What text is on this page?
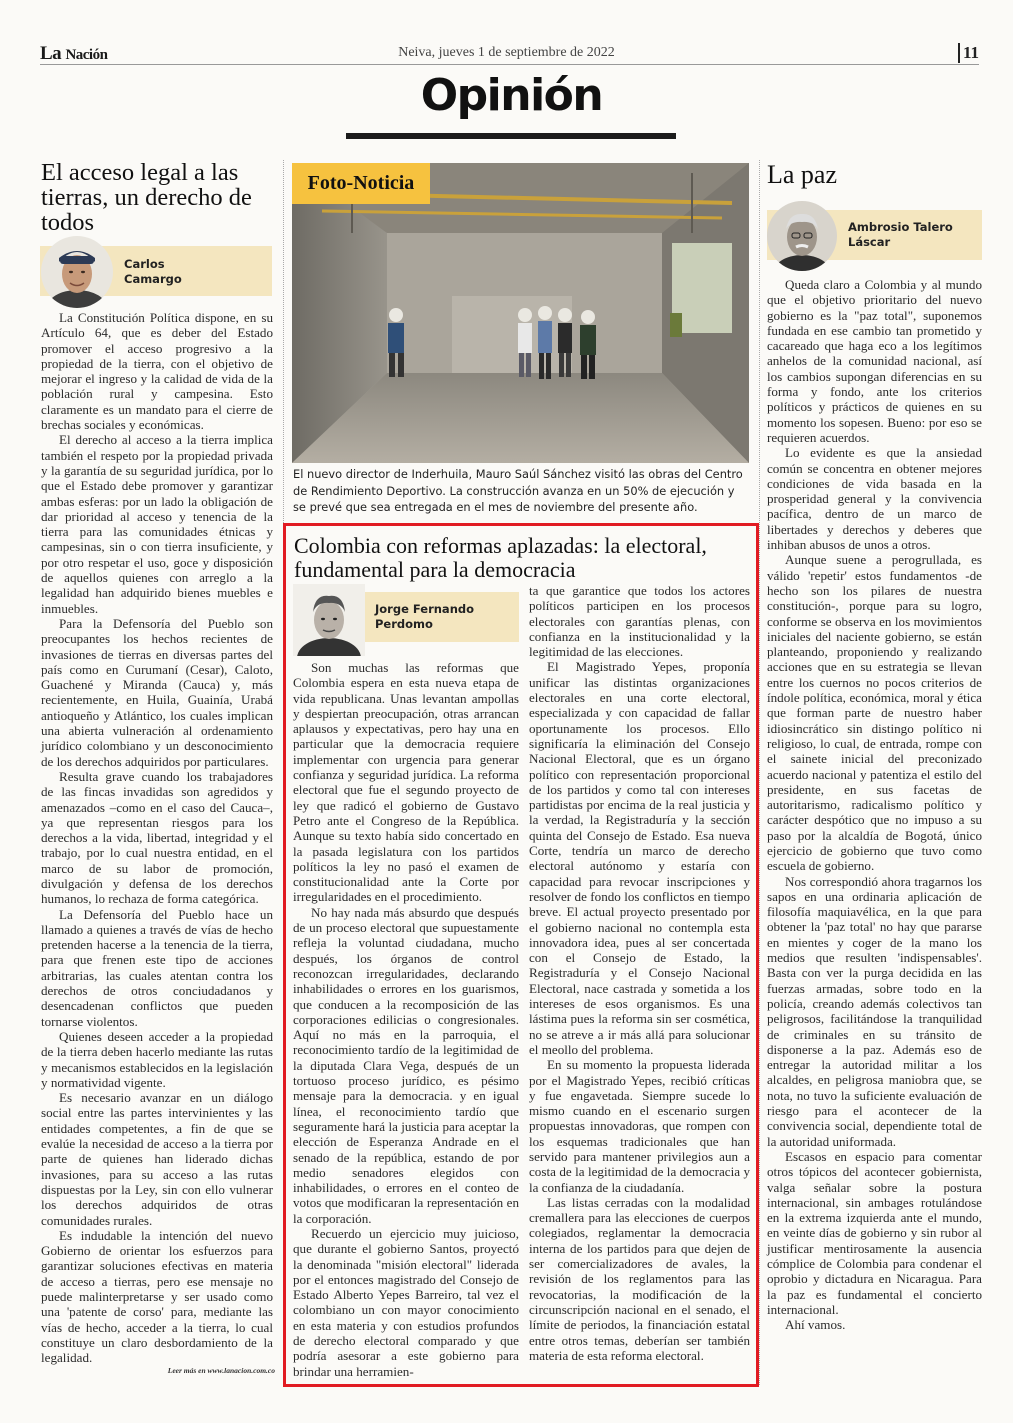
La Nación	Neiva, jueves 1 de septiembre de 2022	11
Opinión
El acceso legal a las tierras, un derecho de todos
Carlos
Camargo

La Constitución Política dispone, en su Artículo 64, que es deber del Estado promover el acceso progresivo a la propiedad de la tierra, con el objetivo de mejorar el ingreso y la calidad de vida de la población rural y campesina. Esto claramente es un mandato para el cierre de brechas sociales y económicas.

El derecho al acceso a la tierra implica también el respeto por la propiedad privada y la garantía de su seguridad jurídica, por lo que el Estado debe promover y garantizar ambas esferas: por un lado la obligación de dar prioridad al acceso y tenencia de la tierra para las comunidades étnicas y campesinas, sin o con tierra insuficiente, y por otro respetar el uso, goce y disposición de aquellos quienes con arreglo a la legalidad han adquirido bienes muebles e inmuebles.

Para la Defensoría del Pueblo son preocupantes los hechos recientes de invasiones de tierras en diversas partes del país como en Curumaní (Cesar), Caloto, Guachené y Miranda (Cauca) y, más recientemente, en Huila, Guainía, Urabá antioqueño y Atlántico, los cuales implican una abierta vulneración al ordenamiento jurídico colombiano y un desconocimiento de los derechos adquiridos por particulares.

Resulta grave cuando los trabajadores de las fincas invadidas son agredidos y amenazados –como en el caso del Cauca–, ya que representan riesgos para los derechos a la vida, libertad, integridad y el trabajo, por lo cual nuestra entidad, en el marco de su labor de promoción, divulgación y defensa de los derechos humanos, lo rechaza de forma categórica.

La Defensoría del Pueblo hace un llamado a quienes a través de vías de hecho pretenden hacerse a la tenencia de la tierra, para que frenen este tipo de acciones arbitrarias, las cuales atentan contra los derechos de otros conciudadanos y desencadenan conflictos que pueden tornarse violentos.

Quienes deseen acceder a la propiedad de la tierra deben hacerlo mediante las rutas y mecanismos establecidos en la legislación y normatividad vigente.

Es necesario avanzar en un diálogo social entre las partes intervinientes y las entidades competentes, a fin de que se evalúe la necesidad de acceso a la tierra por parte de quienes han liderado dichas invasiones, para su acceso a las rutas dispuestas por la Ley, sin con ello vulnerar los derechos adquiridos de otras comunidades rurales.

Es indudable la intención del nuevo Gobierno de orientar los esfuerzos para garantizar soluciones efectivas en materia de acceso a tierras, pero ese mensaje no puede malinterpretarse y ser usado como una 'patente de corso' para, mediante las vías de hecho, acceder a la tierra, lo cual constituye un claro desbordamiento de la legalidad.

Leer más en www.lanacion.com.co
Foto-Noticia
El nuevo director de Inderhuila, Mauro Saúl Sánchez visitó las obras del Centro de Rendimiento Deportivo. La construcción avanza en un 50% de ejecución y se prevé que sea entregada en el mes de noviembre del presente año.
Colombia con reformas aplazadas: la electoral, fundamental para la democracia
Jorge Fernando
Perdomo

Son muchas las reformas que Colombia espera en esta nueva etapa de vida republicana. Unas levantan ampollas y despiertan preocupación, otras arrancan aplausos y expectativas, pero hay una en particular que la democracia requiere implementar con urgencia para generar confianza y seguridad jurídica. La reforma electoral que fue el segundo proyecto de ley que radicó el gobierno de Gustavo Petro ante el Congreso de la República. Aunque su texto había sido concertado en la pasada legislatura con los partidos políticos la ley no pasó el examen de constitucionalidad ante la Corte por irregularidades en el procedimiento.

No hay nada más absurdo que después de un proceso electoral que supuestamente refleja la voluntad ciudadana, mucho después, los órganos de control reconozcan irregularidades, declarando inhabilidades o errores en los guarismos, que conducen a la recomposición de las corporaciones edilicias o congresionales. Aquí no más en la parroquia, el reconocimiento tardío de la legitimidad de la diputada Clara Vega, después de un tortuoso proceso jurídico, es pésimo mensaje para la democracia. y en igual línea, el reconocimiento tardío que seguramente hará la justicia para aceptar la elección de Esperanza Andrade en el senado de la república, estando de por medio senadores elegidos con inhabilidades, o errores en el conteo de votos que modificaran la representación en la corporación.

Recuerdo un ejercicio muy juicioso, que durante el gobierno Santos, proyectó la denominada "misión electoral" liderada por el entonces magistrado del Consejo de Estado Alberto Yepes Barreiro, tal vez el colombiano un con mayor conocimiento en esta materia y con estudios profundos de derecho electoral comparado y que podría asesorar a este gobierno para brindar una herramien-

ta que garantice que todos los actores políticos participen en los procesos electorales con garantías plenas, con confianza en la institucionalidad y la legitimidad de las elecciones.

El Magistrado Yepes, proponía unificar las distintas organizaciones electorales en una corte electoral, especializada y con capacidad de fallar oportunamente los procesos. Ello significaría la eliminación del Consejo Nacional Electoral, que es un órgano político con representación proporcional de los partidos y como tal con intereses partidistas por encima de la real justicia y la verdad, la Registraduría y la sección quinta del Consejo de Estado. Esa nueva Corte, tendría un marco de derecho electoral autónomo y estaría con capacidad para revocar inscripciones y resolver de fondo los conflictos en tiempo breve. El actual proyecto presentado por el gobierno nacional no contempla esta innovadora idea, pues al ser concertada con el Consejo de Estado, la Registraduría y el Consejo Nacional Electoral, nace castrada y sometida a los intereses de esos organismos. Es una lástima pues la reforma sin ser cosmética, no se atreve a ir más allá para solucionar el meollo del problema.

En su momento la propuesta liderada por el Magistrado Yepes, recibió críticas y fue engavetada. Siempre sucede lo mismo cuando en el escenario surgen propuestas innovadoras, que rompen con los esquemas tradicionales que han servido para mantener privilegios aun a costa de la legitimidad de la democracia y la confianza de la ciudadanía.

Las listas cerradas con la modalidad cremallera para las elecciones de cuerpos colegiados, reglamentar la democracia interna de los partidos para que dejen de ser comercializadores de avales, la revisión de los reglamentos para las revocatorias, la modificación de la circunscripción nacional en el senado, el límite de periodos, la financiación estatal entre otros temas, deberían ser también materia de esta reforma electoral.

La paz
Ambrosio Talero
Láscar

Queda claro a Colombia y al mundo que el objetivo prioritario del nuevo gobierno es la "paz total", suponemos fundada en ese cambio tan prometido y cacareado que haga eco a los legítimos anhelos de la comunidad nacional, así los cambios supongan diferencias en su forma y fondo, ante los criterios políticos y prácticos de quienes en su momento los sopesen. Bueno: por eso se requieren acuerdos.

Lo evidente es que la ansiedad común se concentra en obtener mejores condiciones de vida basada en la prosperidad general y la convivencia pacífica, dentro de un marco de libertades y derechos y deberes que inhiban abusos de unos a otros.

Aunque suene a perogrullada, es válido 'repetir' estos fundamentos -de hecho son los pilares de nuestra constitución-, porque para su logro, conforme se observa en los movimientos iniciales del naciente gobierno, se están planteando, proponiendo y realizando acciones que en su estrategia se llevan entre los cuernos no pocos criterios de índole política, económica, moral y ética que forman parte de nuestro haber idiosincrático sin distingo político ni religioso, lo cual, de entrada, rompe con el sainete inicial del preconizado acuerdo nacional y patentiza el estilo del presidente, en sus facetas de autoritarismo, radicalismo político y carácter despótico que no impuso a su paso por la alcaldía de Bogotá, único ejercicio de gobierno que tuvo como escuela de gobierno.

Nos correspondió ahora tragarnos los sapos en una ordinaria aplicación de filosofía maquiavélica, en la que para obtener la 'paz total' no hay que pararse en mientes y coger de la mano los medios que resulten 'indispensables'. Basta con ver la purga decidida en las fuerzas armadas, sobre todo en la policía, creando además colectivos tan peligrosos, facilitándose la tranquilidad de criminales en su tránsito de disponerse a la paz. Además eso de entregar la autoridad militar a los alcaldes, en peligrosa maniobra que, se nota, no tuvo la suficiente evaluación de riesgo para el acontecer de la convivencia social, dependiente total de la autoridad uniformada.

Escasos en espacio para comentar otros tópicos del acontecer gobiernista, valga señalar sobre la postura internacional, sin ambages rotulándose en la extrema izquierda ante el mundo, en veinte días de gobierno y sin rubor al justificar mentirosamente la ausencia cómplice de Colombia para condenar el oprobio y dictadura en Nicaragua. Para la paz es fundamental el concierto internacional.

Ahí vamos.
